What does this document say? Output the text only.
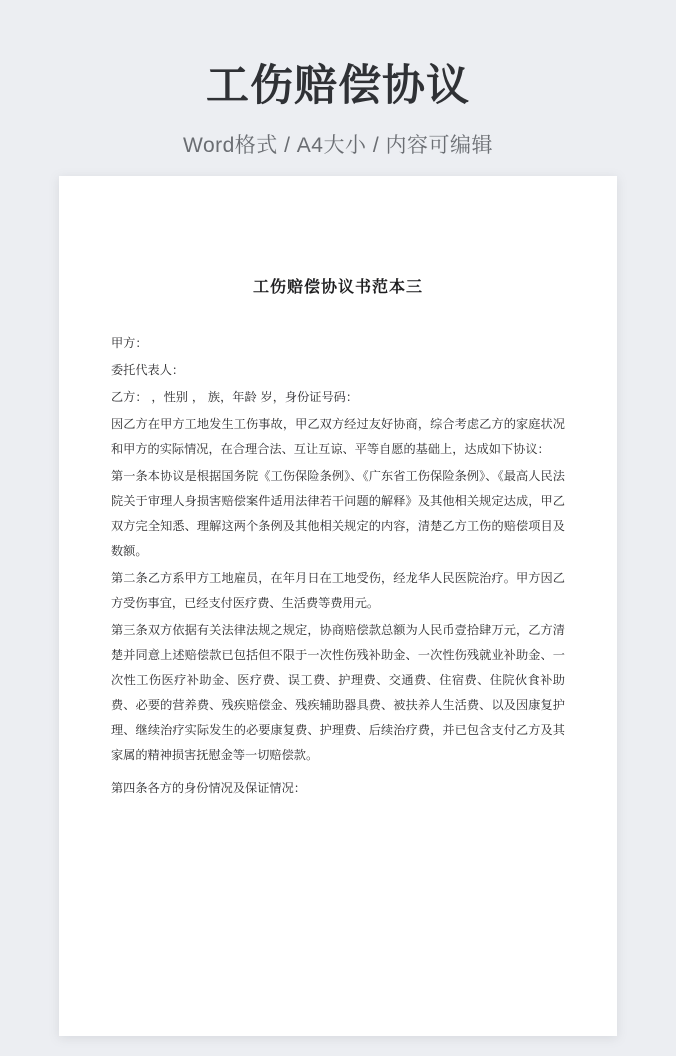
工伤赔偿协议
Word格式 / A4大小 / 内容可编辑
工伤赔偿协议书范本三

甲方：

委托代表人：

乙方： ，性别 ， 族，年龄 岁，身份证号码：

因乙方在甲方工地发生工伤事故，甲乙双方经过友好协商，综合考虑乙方的家庭状况和甲方的实际情况，在合理合法、互让互谅、平等自愿的基础上，达成如下协议：

第一条本协议是根据国务院《工伤保险条例》、《广东省工伤保险条例》、《最高人民法院关于审理人身损害赔偿案件适用法律若干问题的解释》及其他相关规定达成，甲乙双方完全知悉、理解这两个条例及其他相关规定的内容，清楚乙方工伤的赔偿项目及数额。

第二条乙方系甲方工地雇员，在年月日在工地受伤，经龙华人民医院治疗。甲方因乙方受伤事宜，已经支付医疗费、生活费等费用元。

第三条双方依据有关法律法规之规定，协商赔偿款总额为人民币壹拾肆万元，乙方清楚并同意上述赔偿款已包括但不限于一次性伤残补助金、一次性伤残就业补助金、一次性工伤医疗补助金、医疗费、误工费、护理费、交通费、住宿费、住院伙食补助费、必要的营养费、残疾赔偿金、残疾辅助器具费、被扶养人生活费、以及因康复护理、继续治疗实际发生的必要康复费、护理费、后续治疗费，并已包含支付乙方及其家属的精神损害抚慰金等一切赔偿款。

第四条各方的身份情况及保证情况：
